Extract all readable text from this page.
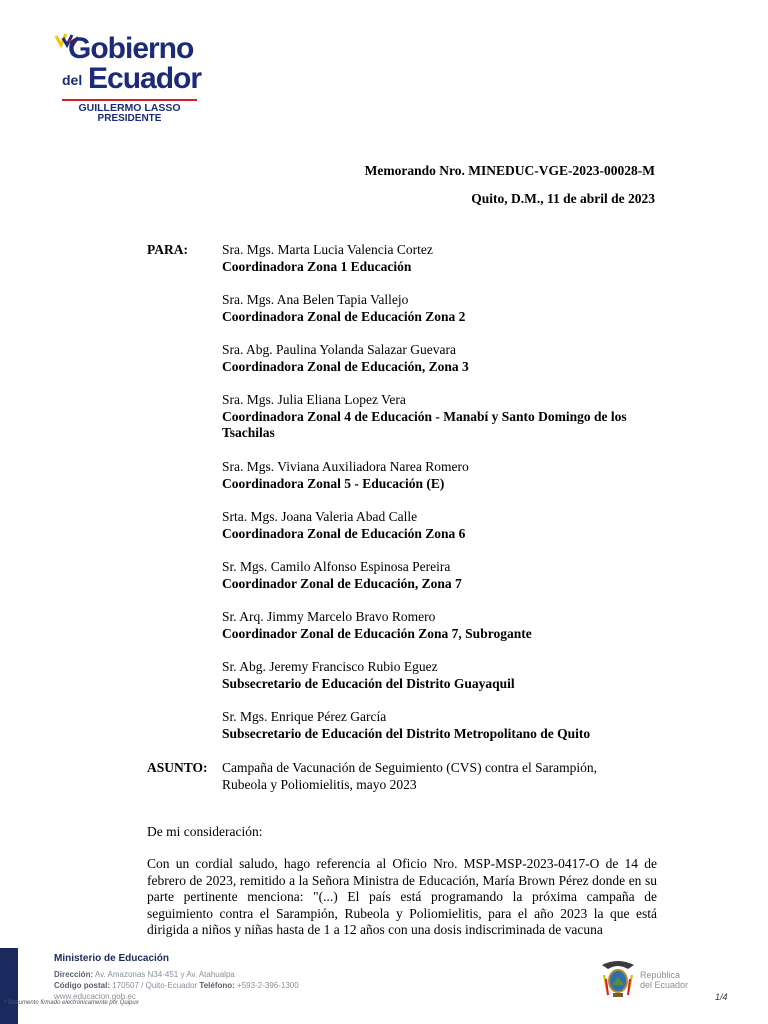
Gobierno
del Ecuador
GUILLERMO LASSO
PRESIDENTE
Memorando Nro. MINEDUC-VGE-2023-00028-M
Quito, D.M., 11 de abril de 2023
PARA:	Sra. Mgs. Marta Lucia Valencia Cortez
Coordinadora Zona 1 Educación
Sra. Mgs. Ana Belen Tapia Vallejo
Coordinadora Zonal de Educación Zona 2
Sra. Abg. Paulina Yolanda Salazar Guevara
Coordinadora Zonal de Educación, Zona 3
Sra. Mgs. Julia Eliana Lopez Vera
Coordinadora Zonal 4 de Educación - Manabí y Santo Domingo de los Tsachilas
Sra. Mgs. Viviana Auxiliadora Narea Romero
Coordinadora Zonal 5 - Educación (E)
Srta. Mgs. Joana Valeria Abad Calle
Coordinadora Zonal de Educación Zona 6
Sr. Mgs. Camilo Alfonso Espinosa Pereira
Coordinador Zonal de Educación, Zona 7
Sr. Arq. Jimmy Marcelo Bravo Romero
Coordinador Zonal de Educación Zona 7, Subrogante
Sr. Abg. Jeremy Francisco Rubio Eguez
Subsecretario de Educación del Distrito Guayaquil
Sr. Mgs. Enrique Pérez García
Subsecretario de Educación del Distrito Metropolitano de Quito
ASUNTO: Campaña de Vacunación de Seguimiento (CVS) contra el Sarampión, Rubeola y Poliomielitis, mayo 2023
De mi consideración:
Con un cordial saludo, hago referencia al Oficio Nro. MSP-MSP-2023-0417-O de 14 de febrero de 2023, remitido a la Señora Ministra de Educación, María Brown Pérez donde en su parte pertinente menciona: "(...) El país está programando la próxima campaña de seguimiento contra el Sarampión, Rubeola y Poliomielitis, para el año 2023 la que está dirigida a niños y niñas hasta de 1 a 12 años con una dosis indiscriminada de vacuna
Ministerio de Educación
Dirección: Av. Amazonas N34-451 y Av. Atahualpa
Código postal: 170507 / Quito-Ecuador Teléfono: +593-2-396-1300
www.educacion.gob.ec
* Documento firmado electrónicamente por Quipux
República
del Ecuador
1/4
